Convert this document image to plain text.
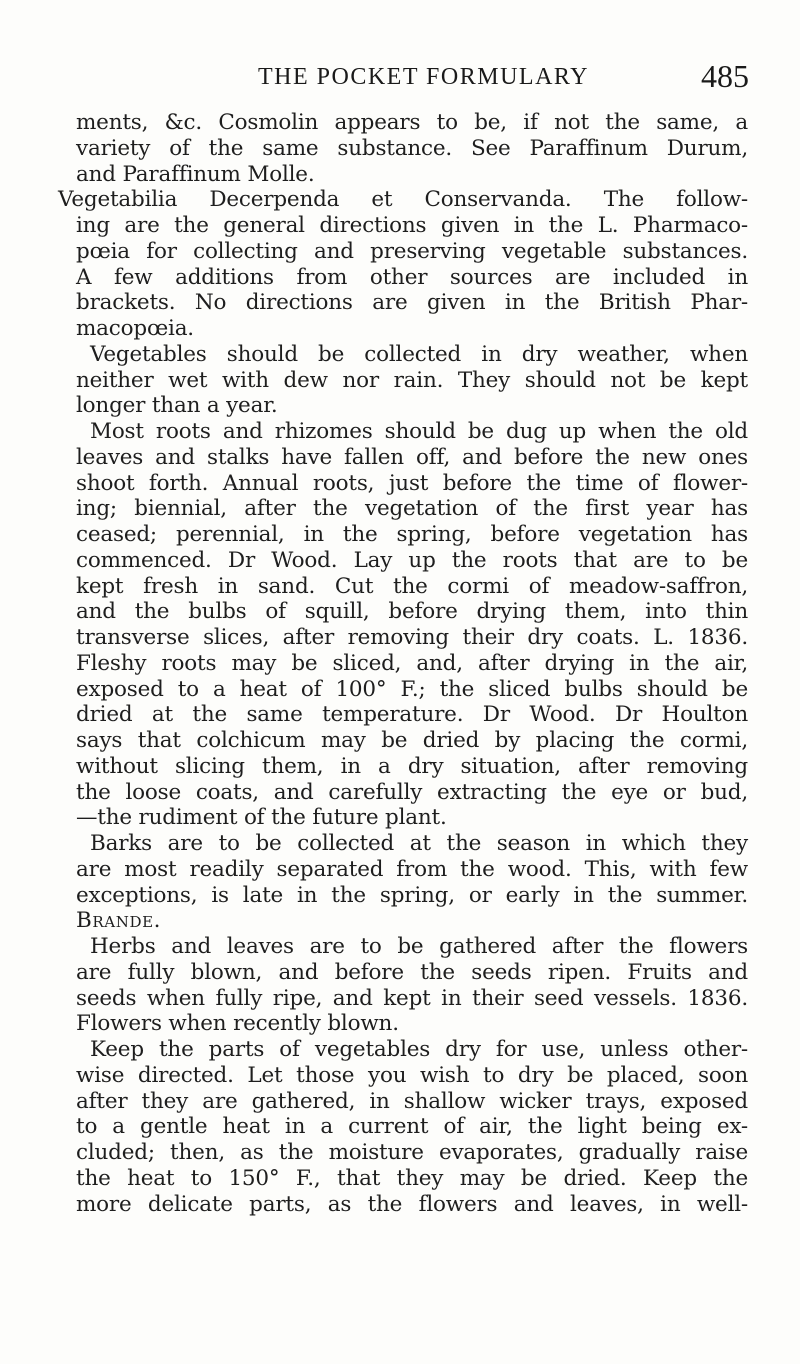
THE POCKET FORMULARY	485
ments, &c. Cosmolin appears to be, if not the same, a
variety of the same substance. See Paraffinum Durum,
and Paraffinum Molle.
Vegetabilia Decerpenda et Conservanda. The follow-
ing are the general directions given in the L. Pharmaco-
pœia for collecting and preserving vegetable substances.
A few additions from other sources are included in
brackets. No directions are given in the British Phar-
macopœia.
Vegetables should be collected in dry weather, when
neither wet with dew nor rain. They should not be kept
longer than a year.
Most roots and rhizomes should be dug up when the old
leaves and stalks have fallen off, and before the new ones
shoot forth. Annual roots, just before the time of flower-
ing; biennial, after the vegetation of the first year has
ceased; perennial, in the spring, before vegetation has
commenced. Dr Wood. Lay up the roots that are to be
kept fresh in sand. Cut the cormi of meadow-saffron,
and the bulbs of squill, before drying them, into thin
transverse slices, after removing their dry coats. L. 1836.
Fleshy roots may be sliced, and, after drying in the air,
exposed to a heat of 100° F.; the sliced bulbs should be
dried at the same temperature. Dr Wood. Dr Houlton
says that colchicum may be dried by placing the cormi,
without slicing them, in a dry situation, after removing
the loose coats, and carefully extracting the eye or bud,
—the rudiment of the future plant.
Barks are to be collected at the season in which they
are most readily separated from the wood. This, with few
exceptions, is late in the spring, or early in the summer.
Brande.
Herbs and leaves are to be gathered after the flowers
are fully blown, and before the seeds ripen. Fruits and
seeds when fully ripe, and kept in their seed vessels. 1836.
Flowers when recently blown.
Keep the parts of vegetables dry for use, unless other-
wise directed. Let those you wish to dry be placed, soon
after they are gathered, in shallow wicker trays, exposed
to a gentle heat in a current of air, the light being ex-
cluded; then, as the moisture evaporates, gradually raise
the heat to 150° F., that they may be dried. Keep the
more delicate parts, as the flowers and leaves, in well-
